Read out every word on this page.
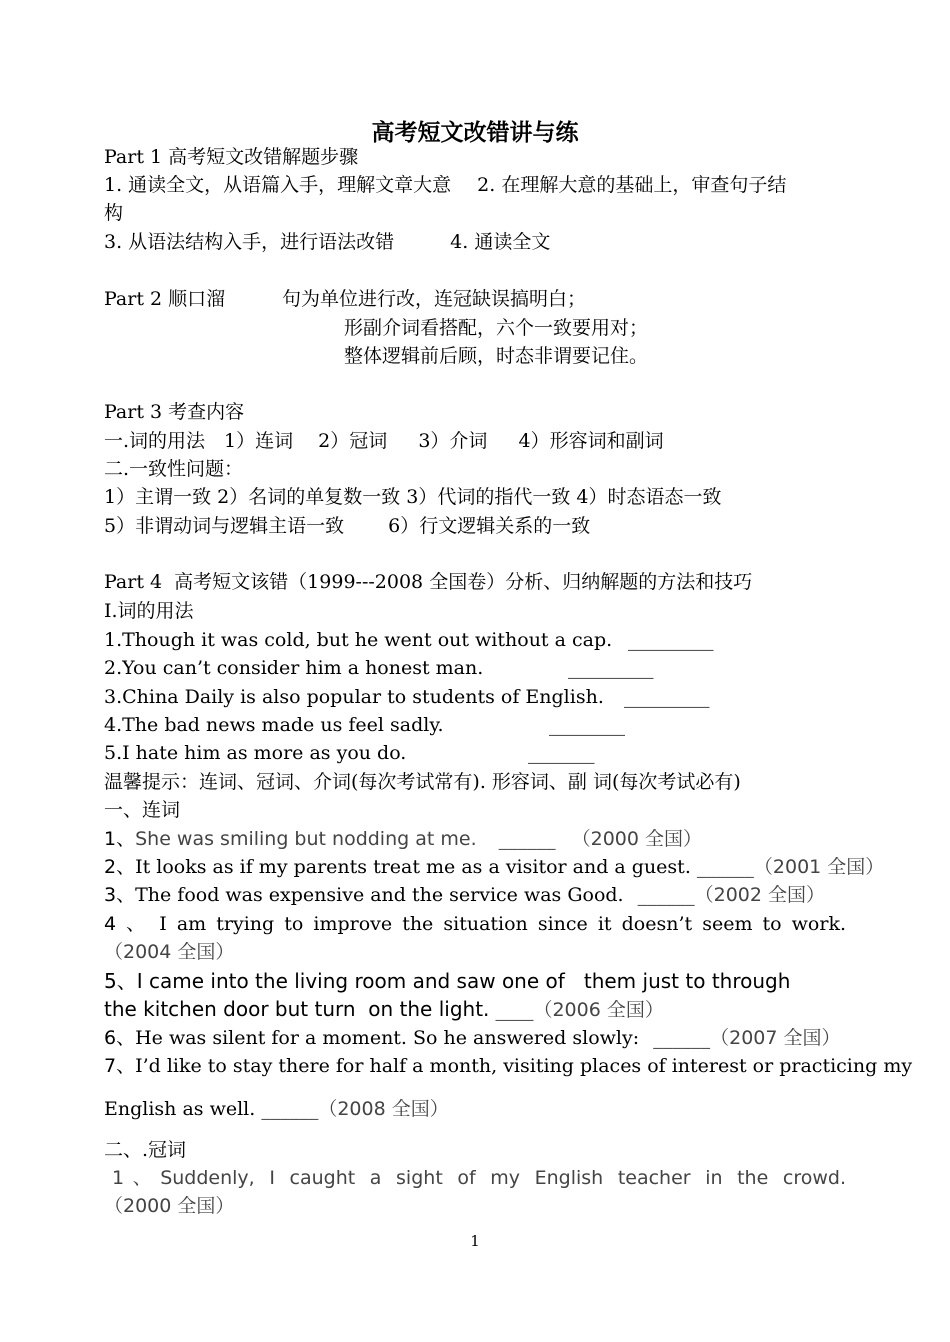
高考短文改错讲与练
Part 1 高考短文改错解题步骤
1. 通读全文，从语篇入手，理解文章大意 2. 在理解大意的基础上，审查句子结
构
3. 从语法结构入手，进行语法改错	4. 通读全文
Part 2 顺口溜	句为单位进行改，连冠缺误搞明白；
形副介词看搭配，六个一致要用对；
整体逻辑前后顾，时态非谓要记住。
Part 3 考查内容
一.词的用法　1）连词　 2）冠词 　 3）介词 　 4）形容词和副词
二.一致性问题：
1）主谓一致 2）名词的单复数一致 3）代词的指代一致 4）时态语态一致
5）非谓动词与逻辑主语一致 　　6）行文逻辑关系的一致
Part 4  高考短文该错（1999---2008 全国卷）分析、归纳解题的方法和技巧
I.词的用法
1.Though it was cold, but he went out without a cap. _________
2.You can’t consider him a honest man.	_________
3.China Daily is also popular to students of English. _________
4.The bad news made us feel sadly.	________
5.I hate him as more as you do.	_______
温馨提示：连词、冠词、介词(每次考试常有). 形容词、副 词(每次考试必有)
一、连词
1、She was smiling but nodding at me. ______ （2000 全国）
2、It looks as if my parents treat me as a visitor and a guest. ______（2001 全国）
3、The food was expensive and the service was Good. ______（2002 全国）
4 、 I am trying to improve the situation since it doesn’t seem to work.
（2004 全国）
5、I came into the living room and saw one of   them just to through
the kitchen door but turn  on the light. ____（2006 全国）
6、He was silent for a moment. So he answered slowly: ______（2007 全国）
7、I’d like to stay there for half a month, visiting places of interest or practicing my
English as well. ______（2008 全国）
二、.冠词
1、Suddenly, I caught a sight of my English teacher in the crowd.
（2000 全国）
1
